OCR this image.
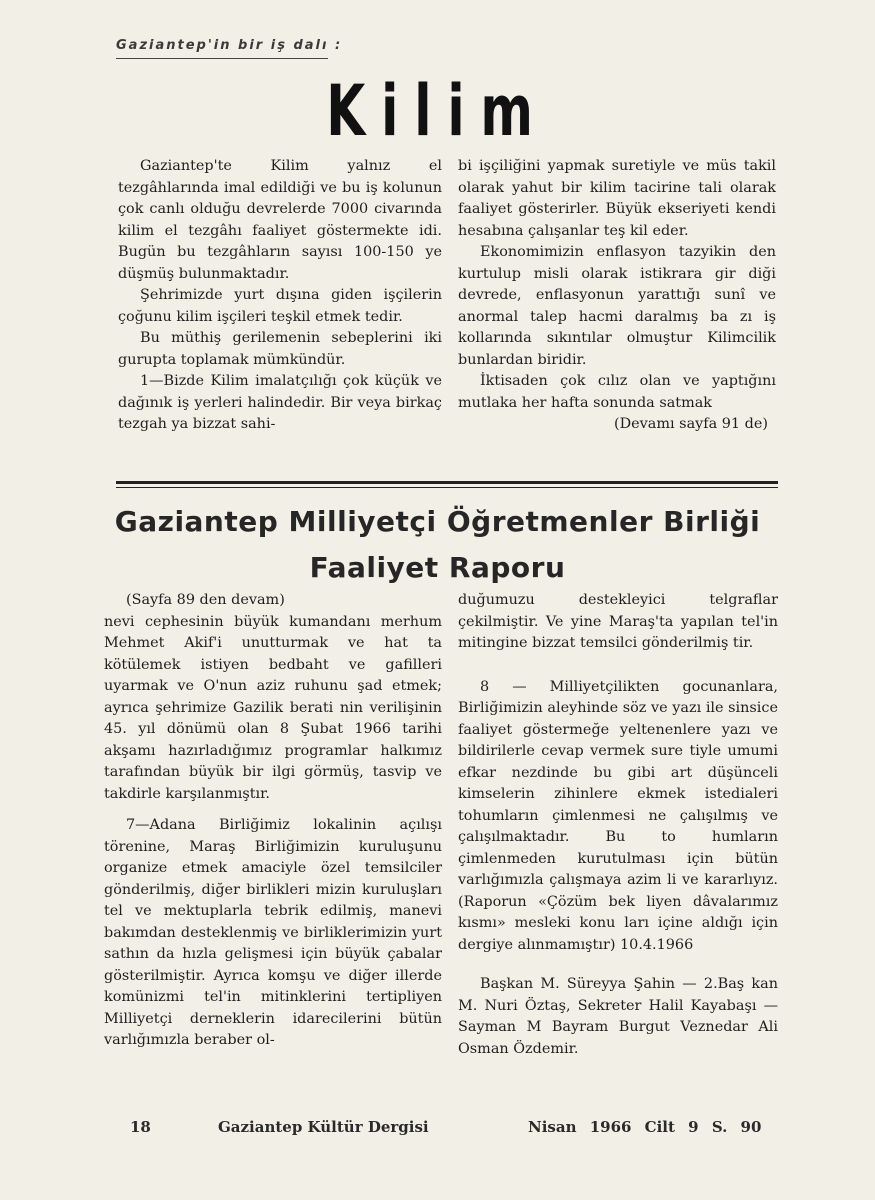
Gaziantep'in bir iş dalı :
Kilim

Gaziantep'te Kilim yalnız el tezgâhlarında imal edildiği ve bu iş kolunun çok canlı olduğu devrelerde 7000 civarında kilim el tezgâhı faaliyet göstermekte idi. Bugün bu tezgâhların sayısı 100-150 ye düşmüş bulunmaktadır.

Şehrimizde yurt dışına giden işçilerin çoğunu kilim işçileri teşkil etmek tedir.

Bu müthiş gerilemenin sebeplerini iki gurupta toplamak mümkündür.

1—Bizde Kilim imalatçılığı çok küçük ve dağınık iş yerleri halindedir. Bir veya birkaç tezgah ya bizzat sahi-

bi işçiliğini yapmak suretiyle ve müs takil olarak yahut bir kilim tacirine tali olarak faaliyet gösterirler. Büyük ekseriyeti kendi hesabına çalışanlar teş kil eder.

Ekonomimizin enflasyon tazyikin den kurtulup misli olarak istikrara gir diği devrede, enflasyonun yarattığı sunî ve anormal talep hacmi daralmış ba zı iş kollarında sıkıntılar olmuştur Kilimcilik bunlardan biridir.

İktisaden çok cılız olan ve yaptığını mutlaka her hafta sonunda satmak

(Devamı sayfa 91 de)

Gaziantep Milliyetçi Öğretmenler Birliği
Faaliyet Raporu

(Sayfa 89 den devam)

nevi cephesinin büyük kumandanı merhum Mehmet Akif'i unutturmak ve hat ta kötülemek istiyen bedbaht ve gafilleri uyarmak ve O'nun aziz ruhunu şad etmek; ayrıca şehrimize Gazilik berati nin verilişinin 45. yıl dönümü olan 8 Şubat 1966 tarihi akşamı hazırladığımız programlar halkımız tarafından büyük bir ilgi görmüş, tasvip ve takdirle karşılanmıştır.

7—Adana Birliğimiz lokalinin açılışı törenine, Maraş Birliğimizin kuruluşunu organize etmek amaciyle özel temsilciler gönderilmiş, diğer birlikleri mizin kuruluşları tel ve mektuplarla tebrik edilmiş, manevi bakımdan desteklenmiş ve birliklerimizin yurt sathın da hızla gelişmesi için büyük çabalar gösterilmiştir. Ayrıca komşu ve diğer illerde komünizmi tel'in mitinklerini tertipliyen Milliyetçi derneklerin idarecilerini bütün varlığımızla beraber ol-

duğumuzu destekleyici telgraflar çekilmiştir. Ve yine Maraş'ta yapılan tel'in mitingine bizzat temsilci gönderilmiş tir.

8 — Milliyetçilikten gocunanlara, Birliğimizin aleyhinde söz ve yazı ile sinsice faaliyet göstermeğe yeltenenlere yazı ve bildirilerle cevap vermek sure tiyle umumi efkar nezdinde bu gibi art düşünceli kimselerin zihinlere ekmek istedialeri tohumların çimlenmesi ne çalışılmış ve çalışılmaktadır. Bu to humların çimlenmeden kurutulması için bütün varlığımızla çalışmaya azim li ve kararlıyız. (Raporun «Çözüm bek liyen dâvalarımız kısmı» mesleki konu ları içine aldığı için dergiye alınmamıştır) 10.4.1966

Başkan M. Süreyya Şahin — 2.Baş kan M. Nuri Öztaş, Sekreter Halil Kayabaşı — Sayman M Bayram Burgut Veznedar Ali Osman Özdemir.

18	Gaziantep Kültür Dergisi	Nisan 1966 Cilt 9 S. 90
